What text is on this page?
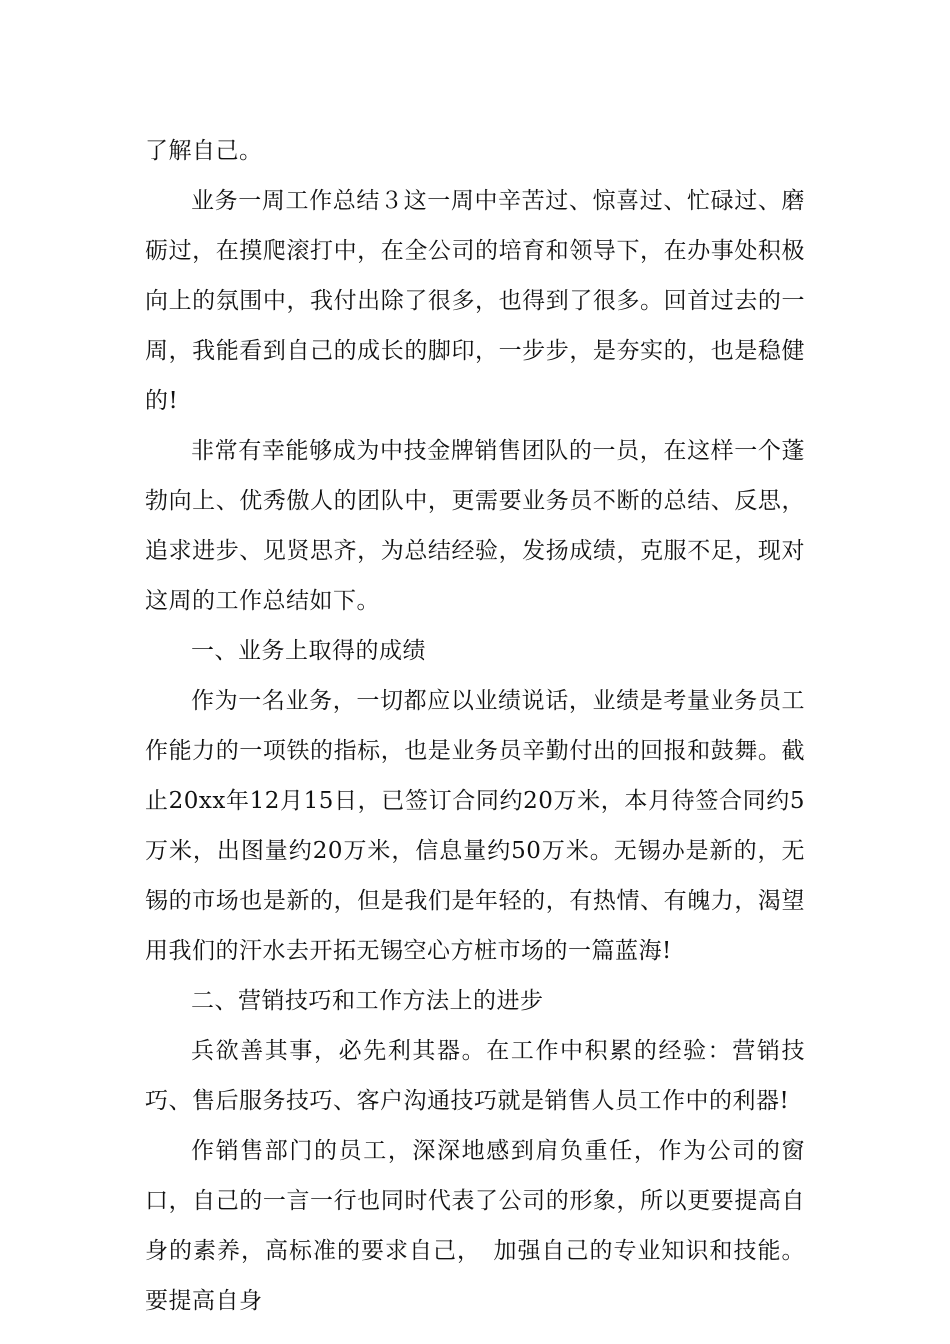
了解自己。

业务一周工作总结３这一周中辛苦过、惊喜过、忙碌过、磨砺过，在摸爬滚打中，在全公司的培育和领导下，在办事处积极向上的氛围中，我付出除了很多，也得到了很多。回首过去的一周，我能看到自己的成长的脚印，一步步，是夯实的，也是稳健的!

非常有幸能够成为中技金牌销售团队的一员，在这样一个蓬勃向上、优秀傲人的团队中，更需要业务员不断的总结、反思，追求进步、见贤思齐，为总结经验，发扬成绩，克服不足，现对这周的工作总结如下。

一、业务上取得的成绩

作为一名业务，一切都应以业绩说话，业绩是考量业务员工作能力的一项铁的指标，也是业务员辛勤付出的回报和鼓舞。截止20xx年12月15日，已签订合同约20万米，本月待签合同约5万米，出图量约20万米，信息量约50万米。无锡办是新的，无锡的市场也是新的，但是我们是年轻的，有热情、有魄力，渴望用我们的汗水去开拓无锡空心方桩市场的一篇蓝海!

二、营销技巧和工作方法上的进步

兵欲善其事，必先利其器。在工作中积累的经验：营销技巧、售后服务技巧、客户沟通技巧就是销售人员工作中的利器!

作销售部门的员工，深深地感到肩负重任，作为公司的窗口，自己的一言一行也同时代表了公司的形象，所以更要提高自身的素养，高标准的要求自己，　加强自己的专业知识和技能。要提高自身
